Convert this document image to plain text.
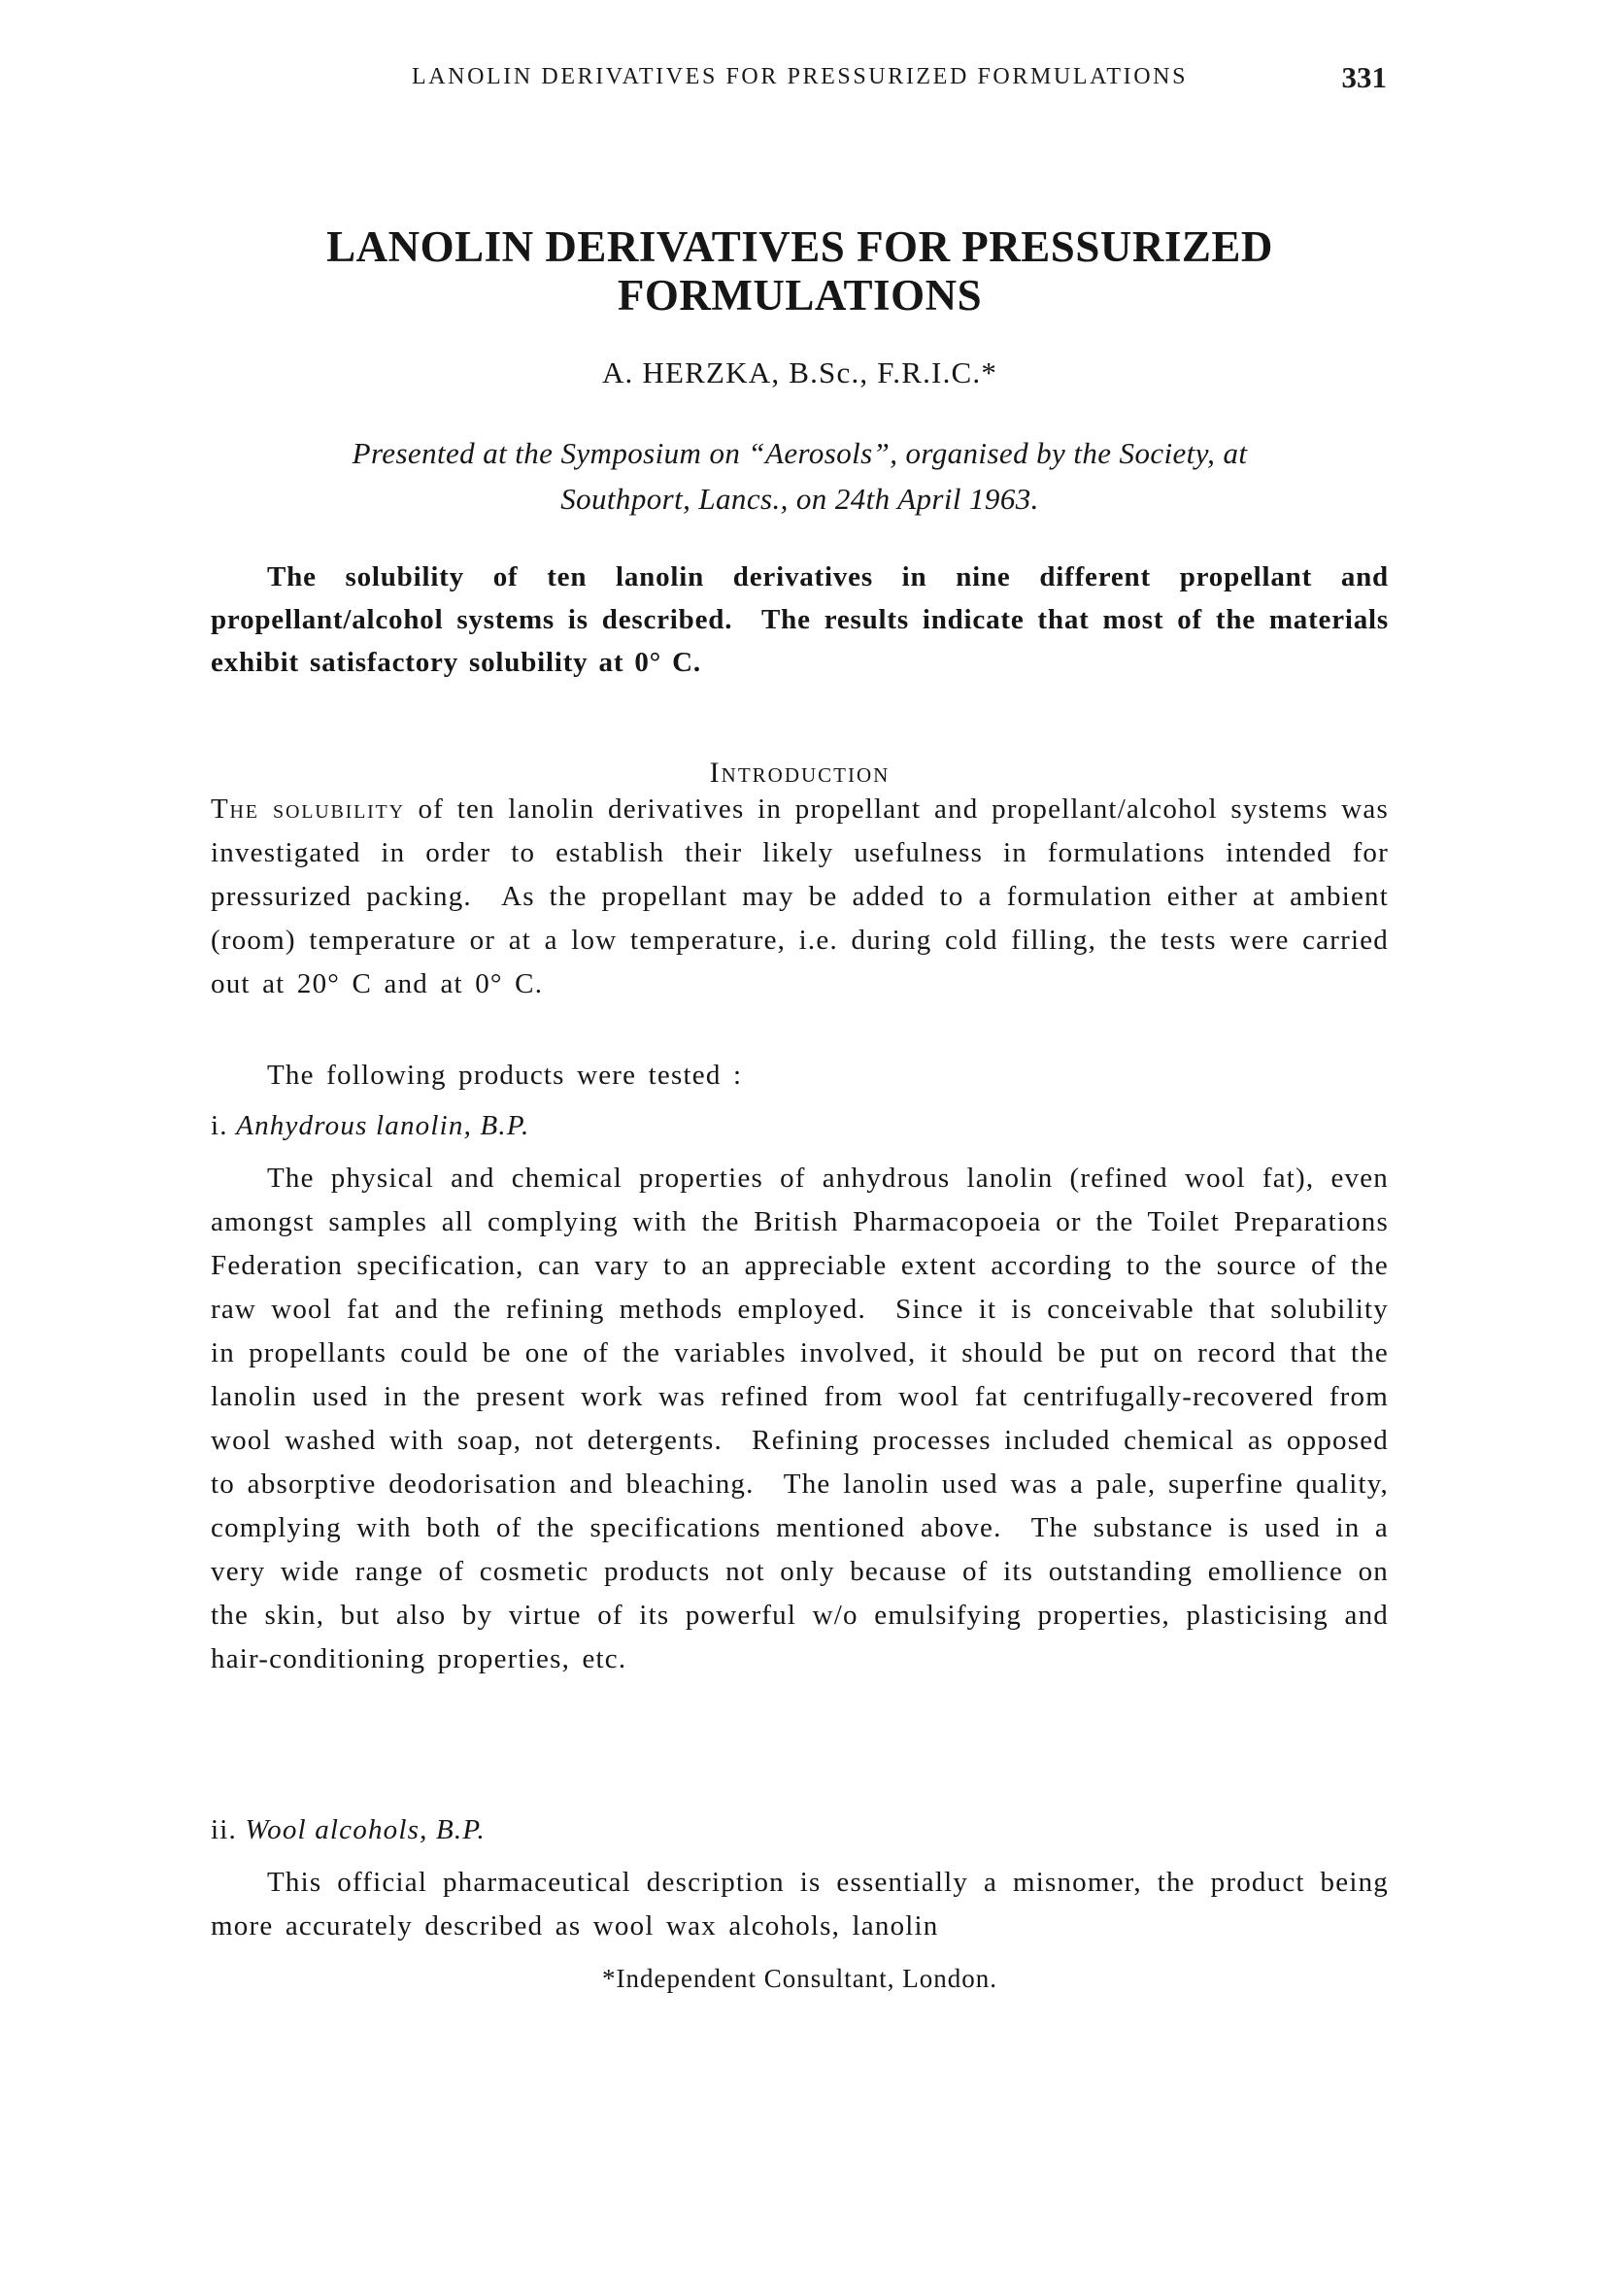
LANOLIN DERIVATIVES FOR PRESSURIZED FORMULATIONS	331
LANOLIN DERIVATIVES FOR PRESSURIZED
FORMULATIONS

A. HERZKA, B.Sc., F.R.I.C.*

Presented at the Symposium on “Aerosols”, organised by the Society, at
Southport, Lancs., on 24th April 1963.

The solubility of ten lanolin derivatives in nine different propellant and propellant/alcohol systems is described. The results indicate that most of the materials exhibit satisfactory solubility at 0° C.

Introduction

The solubility of ten lanolin derivatives in propellant and propellant/alcohol systems was investigated in order to establish their likely usefulness in formulations intended for pressurized packing. As the propellant may be added to a formulation either at ambient (room) temperature or at a low temperature, i.e. during cold filling, the tests were carried out at 20° C and at 0° C.

The following products were tested :

i. Anhydrous lanolin, B.P.

The physical and chemical properties of anhydrous lanolin (refined wool fat), even amongst samples all complying with the British Pharmacopoeia or the Toilet Preparations Federation specification, can vary to an appreciable extent according to the source of the raw wool fat and the refining methods employed. Since it is conceivable that solubility in propellants could be one of the variables involved, it should be put on record that the lanolin used in the present work was refined from wool fat centrifugally-recovered from wool washed with soap, not detergents. Refining processes included chemical as opposed to absorptive deodorisation and bleaching. The lanolin used was a pale, superfine quality, complying with both of the specifications mentioned above. The substance is used in a very wide range of cosmetic products not only because of its outstanding emollience on the skin, but also by virtue of its powerful w/o emulsifying properties, plasticising and hair-conditioning properties, etc.

ii. Wool alcohols, B.P.

This official pharmaceutical description is essentially a misnomer, the product being more accurately described as wool wax alcohols, lanolin

*Independent Consultant, London.
